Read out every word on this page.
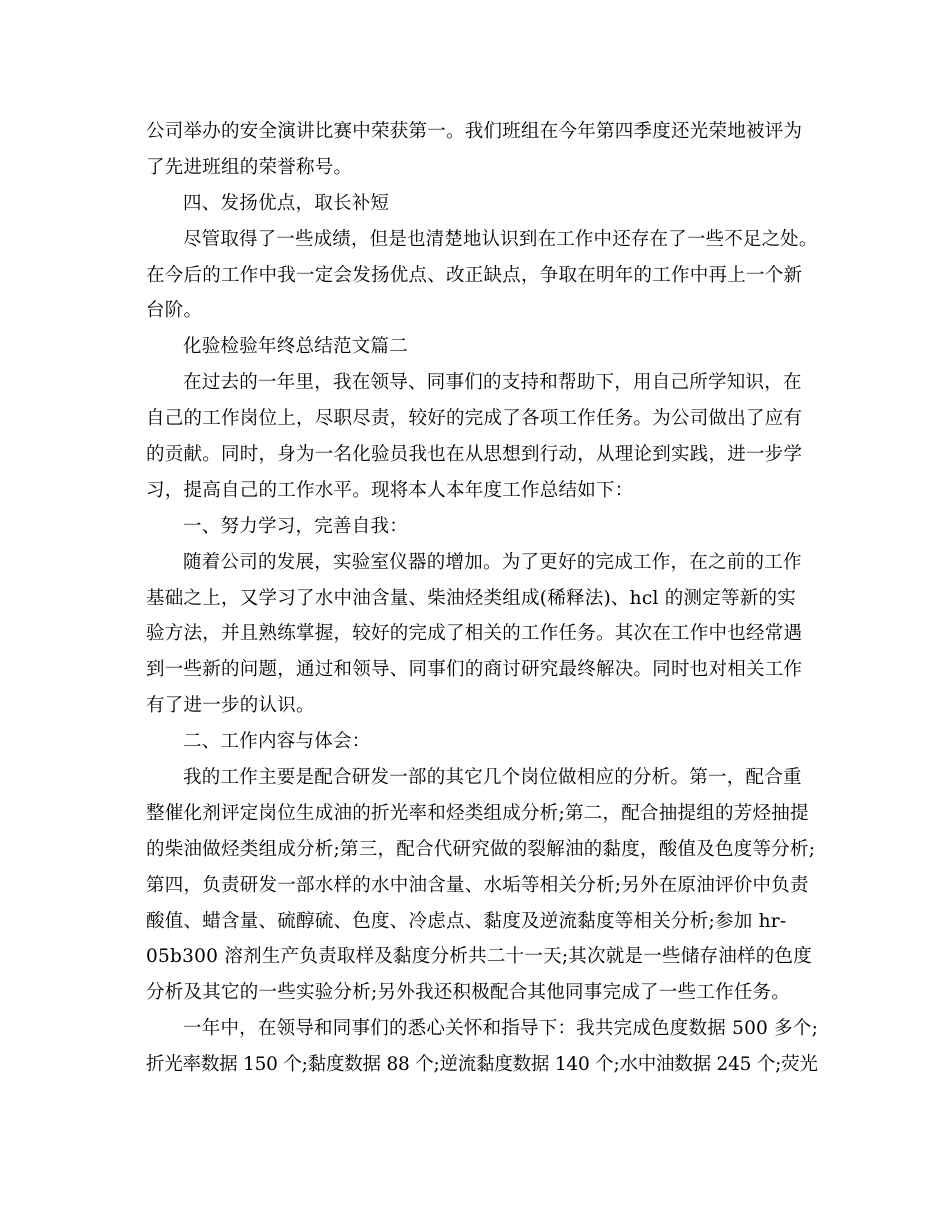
公司举办的安全演讲比赛中荣获第一。我们班组在今年第四季度还光荣地被评为
了先进班组的荣誉称号。
四、发扬优点，取长补短
尽管取得了一些成绩，但是也清楚地认识到在工作中还存在了一些不足之处。
在今后的工作中我一定会发扬优点、改正缺点，争取在明年的工作中再上一个新
台阶。
化验检验年终总结范文篇二
在过去的一年里，我在领导、同事们的支持和帮助下，用自己所学知识，在
自己的工作岗位上，尽职尽责，较好的完成了各项工作任务。为公司做出了应有
的贡献。同时，身为一名化验员我也在从思想到行动，从理论到实践，进一步学
习，提高自己的工作水平。现将本人本年度工作总结如下：
一、努力学习，完善自我：
随着公司的发展，实验室仪器的增加。为了更好的完成工作，在之前的工作
基础之上，又学习了水中油含量、柴油烃类组成(稀释法)、hcl 的测定等新的实
验方法，并且熟练掌握，较好的完成了相关的工作任务。其次在工作中也经常遇
到一些新的问题，通过和领导、同事们的商讨研究最终解决。同时也对相关工作
有了进一步的认识。
二、工作内容与体会：
我的工作主要是配合研发一部的其它几个岗位做相应的分析。第一，配合重
整催化剂评定岗位生成油的折光率和烃类组成分析;第二，配合抽提组的芳烃抽提
的柴油做烃类组成分析;第三，配合代研究做的裂解油的黏度，酸值及色度等分析;
第四，负责研发一部水样的水中油含量、水垢等相关分析;另外在原油评价中负责
酸值、蜡含量、硫醇硫、色度、冷虑点、黏度及逆流黏度等相关分析;参加 hr-
05b300 溶剂生产负责取样及黏度分析共二十一天;其次就是一些储存油样的色度
分析及其它的一些实验分析;另外我还积极配合其他同事完成了一些工作任务。
一年中，在领导和同事们的悉心关怀和指导下：我共完成色度数据 500 多个;
折光率数据 150 个;黏度数据 88 个;逆流黏度数据 140 个;水中油数据 245 个;荧光
